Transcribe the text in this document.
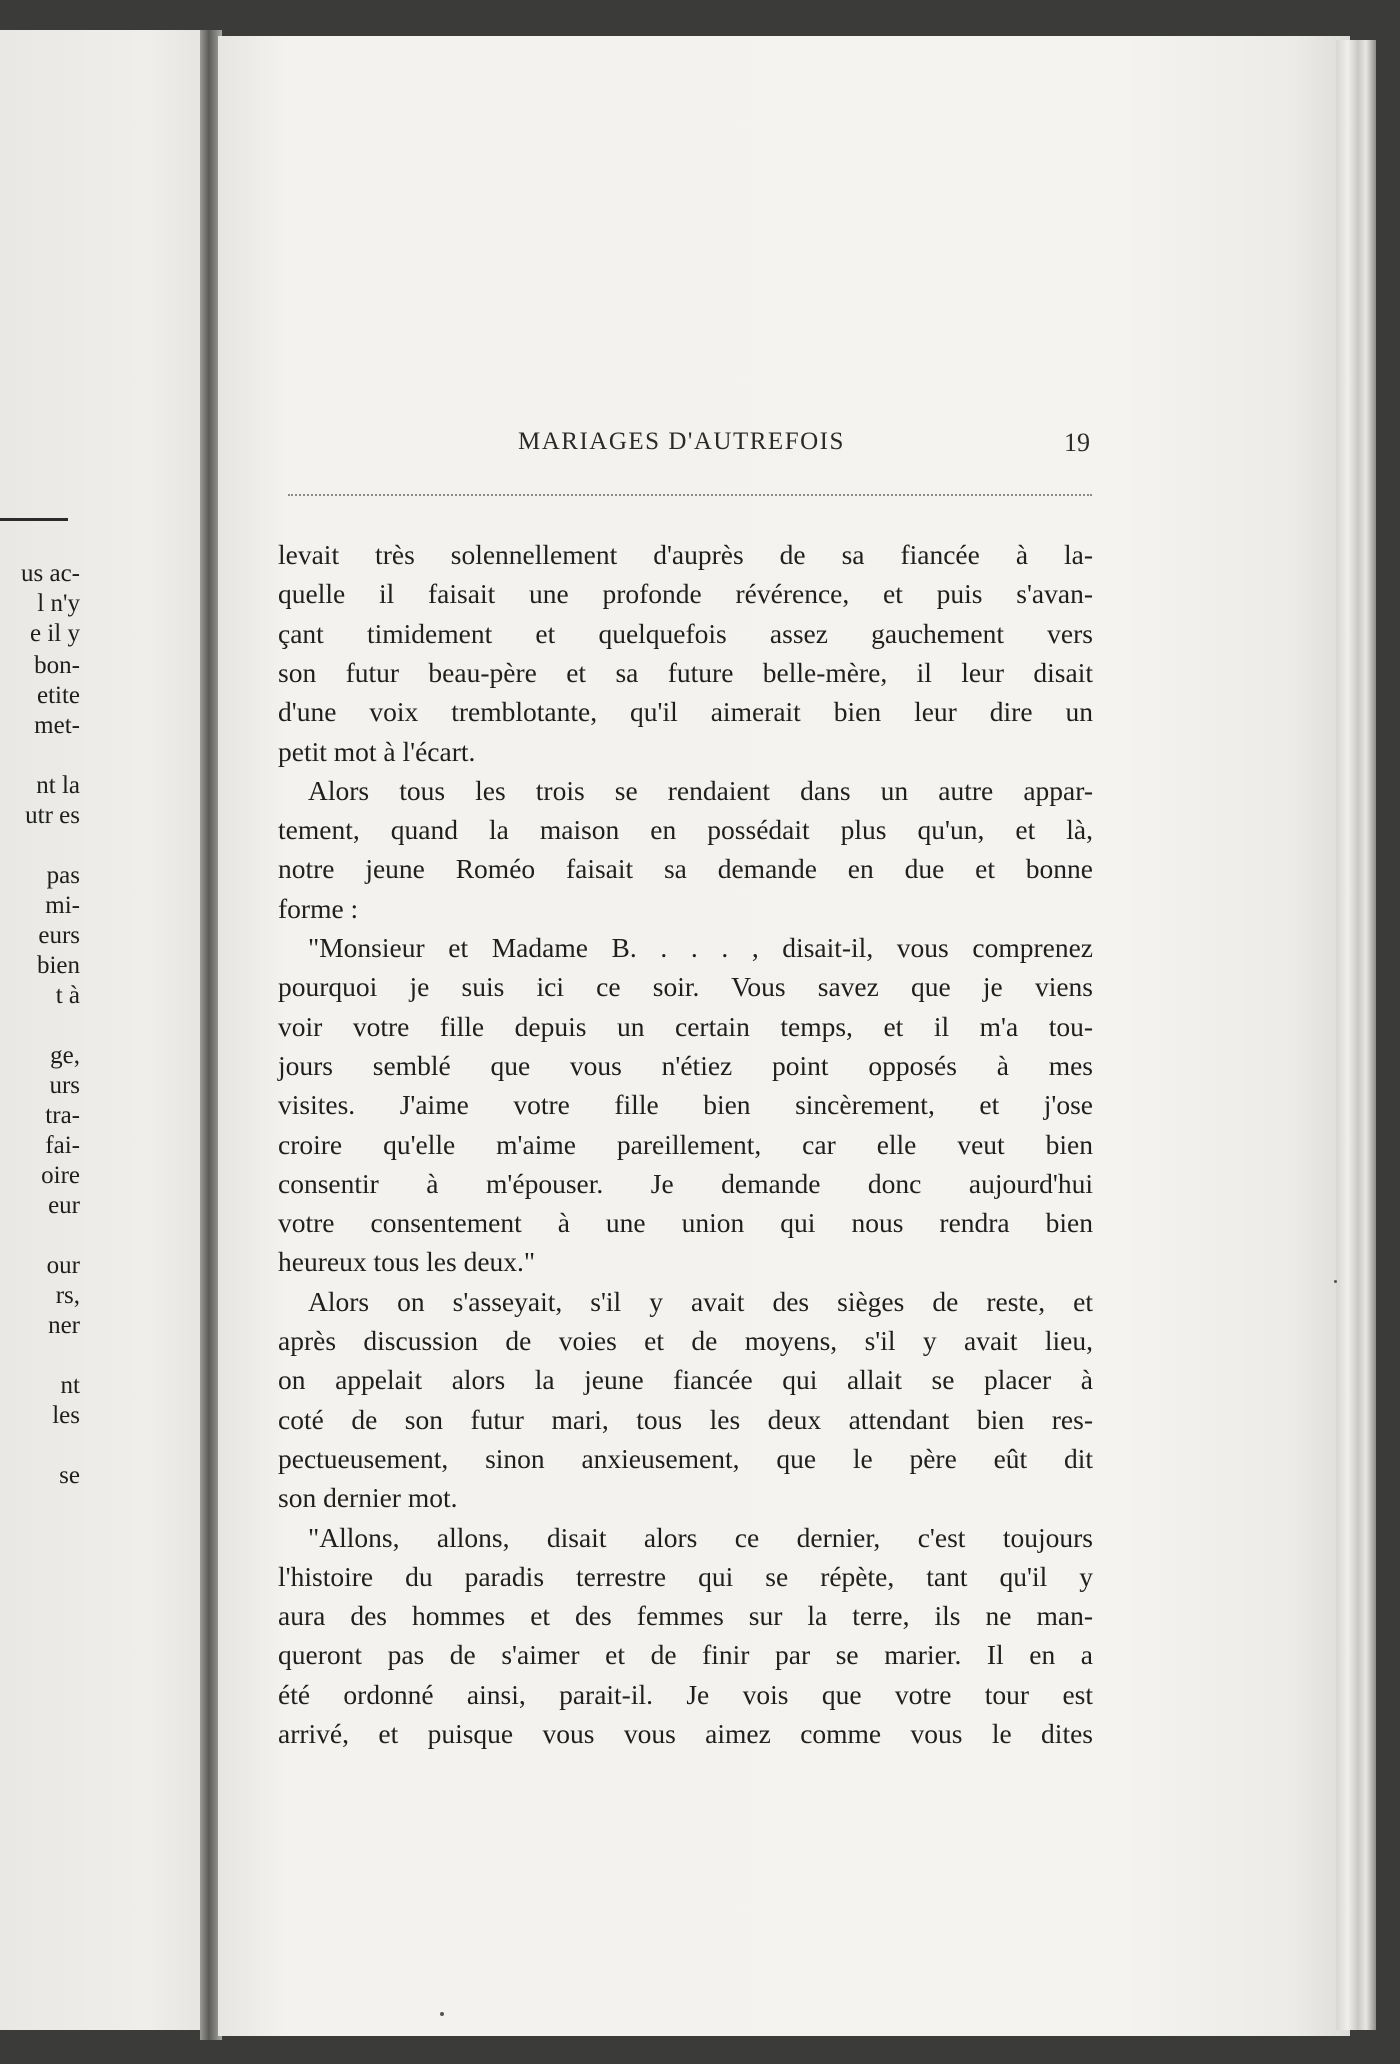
us ac-
l n'y
e il y
bon-
etite
met-
nt la
utr es
pas
mi-
eurs
bien
t à
ge,
urs
tra-
fai-
oire
eur
our
rs,
ner
nt
les
se
MARIAGES D'AUTREFOIS	19
levait très solennellement d'auprès de sa fiancée à la-
quelle il faisait une profonde révérence, et puis s'avan-
çant timidement et quelquefois assez gauchement vers
son futur beau-père et sa future belle-mère, il leur disait
d'une voix tremblotante, qu'il aimerait bien leur dire un
petit mot à l'écart.
Alors tous les trois se rendaient dans un autre appar-
tement, quand la maison en possédait plus qu'un, et là,
notre jeune Roméo faisait sa demande en due et bonne
forme :
"Monsieur et Madame B. . . . , disait-il, vous comprenez
pourquoi je suis ici ce soir. Vous savez que je viens
voir votre fille depuis un certain temps, et il m'a tou-
jours semblé que vous n'étiez point opposés à mes
visites. J'aime votre fille bien sincèrement, et j'ose
croire qu'elle m'aime pareillement, car elle veut bien
consentir à m'épouser. Je demande donc aujourd'hui
votre consentement à une union qui nous rendra bien
heureux tous les deux."
Alors on s'asseyait, s'il y avait des sièges de reste, et
après discussion de voies et de moyens, s'il y avait lieu,
on appelait alors la jeune fiancée qui allait se placer à
coté de son futur mari, tous les deux attendant bien res-
pectueusement, sinon anxieusement, que le père eût dit
son dernier mot.
"Allons, allons, disait alors ce dernier, c'est toujours
l'histoire du paradis terrestre qui se répète, tant qu'il y
aura des hommes et des femmes sur la terre, ils ne man-
queront pas de s'aimer et de finir par se marier. Il en a
été ordonné ainsi, parait-il. Je vois que votre tour est
arrivé, et puisque vous vous aimez comme vous le dites
